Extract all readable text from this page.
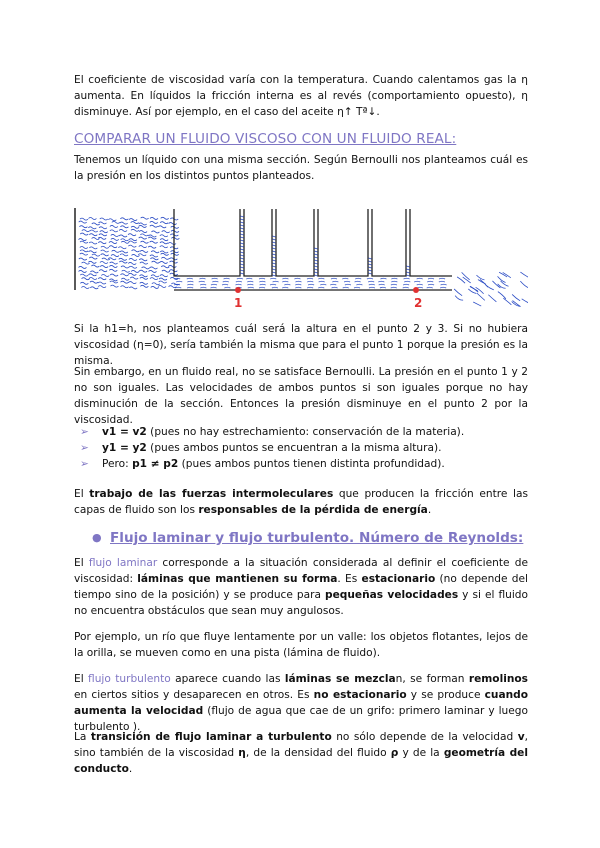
El coeficiente de viscosidad varía con la temperatura. Cuando calentamos gas la η aumenta. En líquidos la fricción interna es al revés (comportamiento opuesto), η disminuye. Así por ejemplo, en el caso del aceite η↑ Tª↓.

COMPARAR UN FLUIDO VISCOSO CON UN FLUIDO REAL:

Tenemos un líquido con una misma sección. Según Bernoulli nos planteamos cuál es la presión en los distintos puntos planteados.

1	2

Si la h1=h, nos planteamos cuál será la altura en el punto 2 y 3. Si no hubiera viscosidad (η=0), sería también la misma que para el punto 1 porque la presión es la misma.

Sin embargo, en un fluido real, no se satisface Bernoulli. La presión en el punto 1 y 2 no son iguales. Las velocidades de ambos puntos si son iguales porque no hay disminución de la sección. Entonces la presión disminuye en el punto 2 por la viscosidad.

➢ v1 = v2 (pues no hay estrechamiento: conservación de la materia).

➢ y1 = y2 (pues ambos puntos se encuentran a la misma altura).

➢ Pero: p1 ≠ p2 (pues ambos puntos tienen distinta profundidad).

El trabajo de las fuerzas intermoleculares que producen la fricción entre las capas de fluido son los responsables de la pérdida de energía.

● Flujo laminar y flujo turbulento. Número de Reynolds:

El flujo laminar corresponde a la situación considerada al definir el coeficiente de viscosidad: láminas que mantienen su forma. Es estacionario (no depende del tiempo sino de la posición) y se produce para pequeñas velocidades y si el fluido no encuentra obstáculos que sean muy angulosos.

Por ejemplo, un río que fluye lentamente por un valle: los objetos flotantes, lejos de la orilla, se mueven como en una pista (lámina de fluido).

El flujo turbulento aparece cuando las láminas se mezclan, se forman remolinos en ciertos sitios y desaparecen en otros. Es no estacionario y se produce cuando aumenta la velocidad (flujo de agua que cae de un grifo: primero laminar y luego turbulento ).

La transición de flujo laminar a turbulento no sólo depende de la velocidad v, sino también de la viscosidad η, de la densidad del fluido ρ y de la geometría del conducto.
